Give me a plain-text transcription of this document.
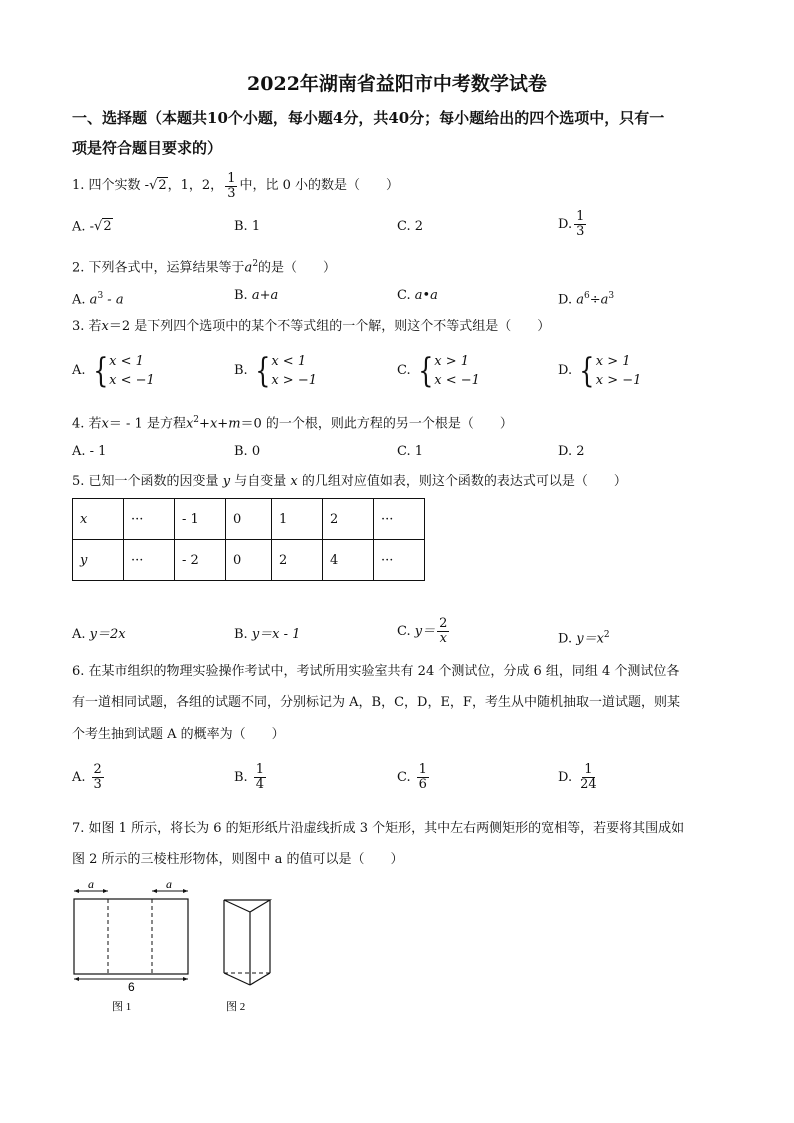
2022年湖南省益阳市中考数学试卷
一、选择题（本题共10个小题，每小题4分，共40分；每小题给出的四个选项中，只有一
项是符合题目要求的）
1. 四个实数 - √2 ，1，2， $\frac{1}{3}$ 中，比 0 小的数是（　　）
A. -√2	B. 1	C. 2	D. $\frac{1}{3}$
2. 下列各式中，运算结果等于$a^2$的是（　　）
A. $a^3$ - a	B. a+a	C. a•a	D. $a^6\div a^3$
3. 若x＝2 是下列四个选项中的某个不等式组的一个解，则这个不等式组是（　　）
A. { x < 1
x < −1
B. { x < 1
x > −1
C. { x > 1
x < −1
D. { x > 1
x > −1
4. 若x＝ - 1 是方程$x^2+x+m=0$ 的一个根，则此方程的另一个根是（　　）
A. - 1	B. 0	C. 1	D. 2
5. 已知一个函数的因变量 y 与自变量 x 的几组对应值如表，则这个函数的表达式可以是（　　）
x	···	- 1	0	1	2	···
y	···	- 2	0	2	4	···
A. y＝2x	B. y＝x - 1	C.
$y= \frac{2}{x}$	D. $y=x^2$
6. 在某市组织的物理实验操作考试中，考试所用实验室共有 24 个测试位，分成 6 组，同组 4 个测试位各
有一道相同试题，各组的试题不同，分别标记为 A，B，C，D，E，F，考生从中随机抽取一道试题，则某
个考生抽到试题 A 的概率为（　　）
A. $\frac{2}{3}$	B. $\frac{1}{4}$	C. $\frac{1}{6}$	D. $\frac{1}{24}$
7. 如图 1 所示，将长为 6 的矩形纸片沿虚线折成 3 个矩形，其中左右两侧矩形的宽相等，若要将其围成如
图 2 所示的三棱柱形物体，则图中 a 的值可以是（　　）
a	a
6
图 1	图 2
